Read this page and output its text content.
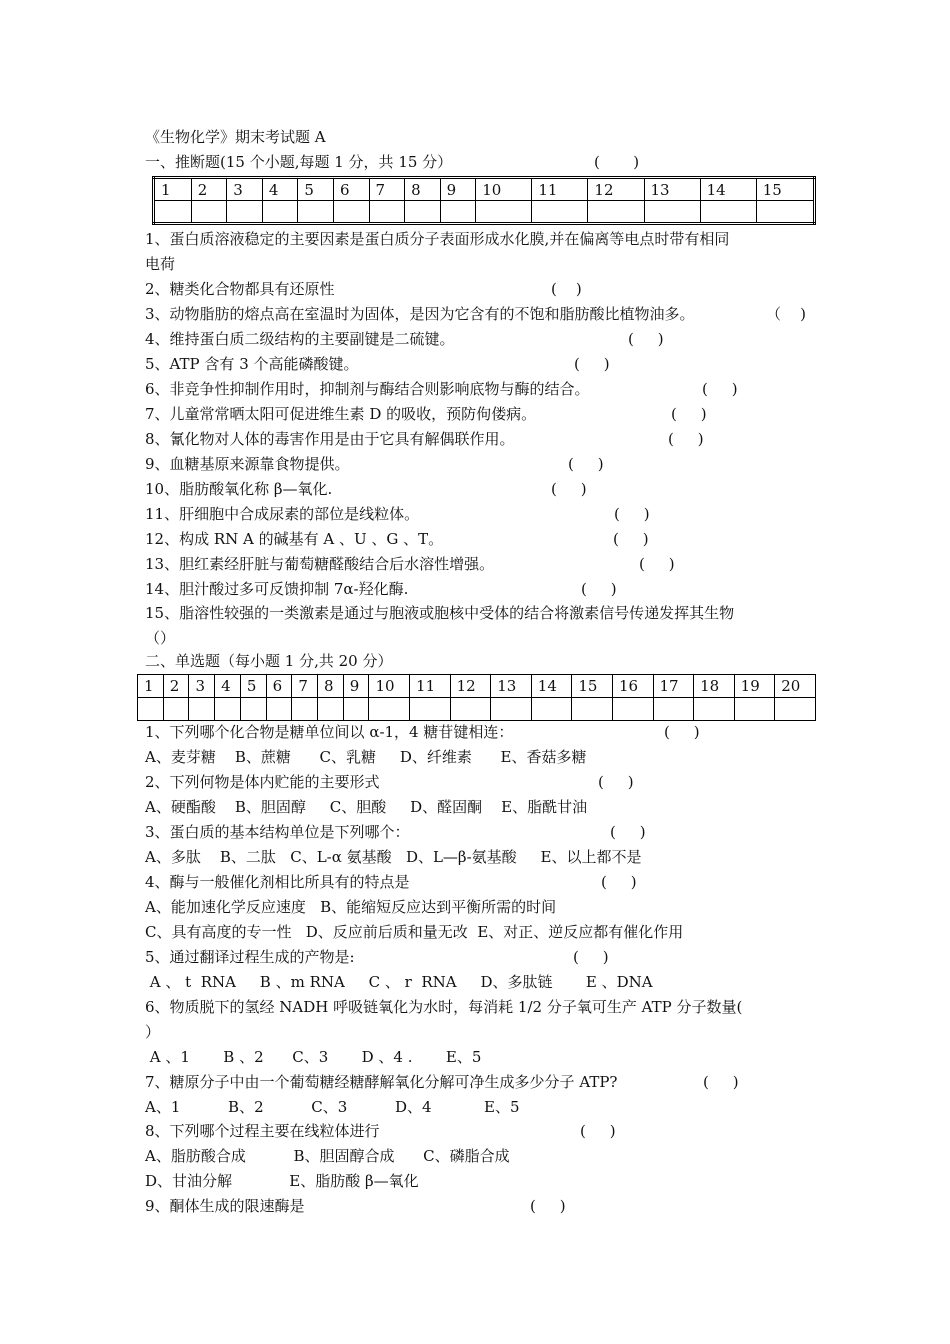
《生物化学》期末考试题 A
一、推断题(15 个小题,每题 1 分，共 15 分）	(       )
1	2	3	4	5	6	7	8	9	10	11	12	13	14	15

1、蛋白质溶液稳定的主要因素是蛋白质分子表面形成水化膜,并在偏离等电点时带有相同
电荷
2、糖类化合物都具有还原性	(    )
3、动物脂肪的熔点高在室温时为固体，是因为它含有的不饱和脂肪酸比植物油多。	（    )
4、维持蛋白质二级结构的主要副键是二硫键。	(     )
5、ATP 含有 3 个高能磷酸键。	(     )
6、非竞争性抑制作用时，抑制剂与酶结合则影响底物与酶的结合。	(     )
7、儿童常常晒太阳可促进维生素 D 的吸收，预防佝偻病。	(     )
8、氰化物对人体的毒害作用是由于它具有解偶联作用。	(     )
9、血糖基原来源靠食物提供。	(     )
10、脂肪酸氧化称 β—氧化.	(     )
11、肝细胞中合成尿素的部位是线粒体。	(     )
12、构成 RN A 的碱基有 A 、U 、G 、T。	(     )
13、胆红素经肝脏与葡萄糖醛酸结合后水溶性增强。	(     )
14、胆汁酸过多可反馈抑制 7α-羟化酶.	(     )
15、脂溶性较强的一类激素是通过与胞液或胞核中受体的结合将激素信号传递发挥其生物
（）
二、单选题（每小题 1 分,共 20 分）
1	2	3	4	5	6	7	8	9	10	11	12	13	14	15	16	17	18	19	20

1、下列哪个化合物是糖单位间以 α-1，4 糖苷键相连：	(     )
A、麦芽糖    B、蔗糖      C、乳糖     D、纤维素      E、香菇多糖
2、下列何物是体内贮能的主要形式	(     )
A、硬酯酸    B、胆固醇     C、胆酸     D、醛固酮    E、脂酰甘油
3、蛋白质的基本结构单位是下列哪个：	(     )
A、多肽    B、二肽   C、L-α 氨基酸   D、L—β-氨基酸     E、以上都不是
4、酶与一般催化剂相比所具有的特点是	(     )
A、能加速化学反应速度   B、能缩短反应达到平衡所需的时间
C、具有高度的专一性   D、反应前后质和量无改  E、对正、逆反应都有催化作用
5、通过翻译过程生成的产物是:	(     )
A 、 t  RNA     B 、m RNA     C 、 r  RNA     D、多肽链       E 、DNA
6、物质脱下的氢经 NADH 呼吸链氧化为水时，每消耗 1/2 分子氧可生产 ATP 分子数量(
）
A 、1       B 、2      C、3       D 、4 .       E、5
7、糖原分子中由一个葡萄糖经糖酵解氧化分解可净生成多少分子 ATP?	(     )
A、1          B、2          C、3          D、4           E、5
8、下列哪个过程主要在线粒体进行	(     )
A、脂肪酸合成          B、胆固醇合成      C、磷脂合成
D、甘油分解            E、脂肪酸 β—氧化
9、酮体生成的限速酶是	(     )
